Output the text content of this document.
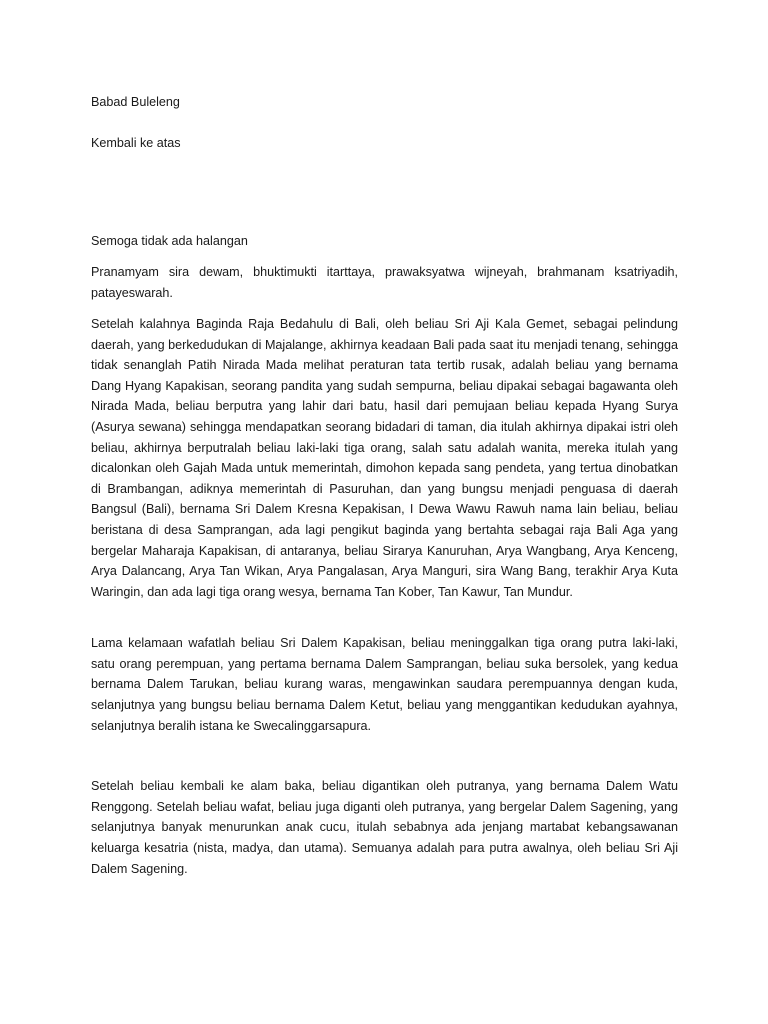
Babad Buleleng

Kembali ke atas

Semoga tidak ada halangan

Pranamyam sira dewam, bhuktimukti itarttaya, prawaksyatwa wijneyah, brahmanam ksatriyadih, patayeswarah.

Setelah kalahnya Baginda Raja Bedahulu di Bali, oleh beliau Sri Aji Kala Gemet, sebagai pelindung daerah, yang berkedudukan di Majalange, akhirnya keadaan Bali pada saat itu menjadi tenang, sehingga tidak senanglah Patih Nirada Mada melihat peraturan tata tertib rusak, adalah beliau yang bernama Dang Hyang Kapakisan, seorang pandita yang sudah sempurna, beliau dipakai sebagai bagawanta oleh Nirada Mada, beliau berputra yang lahir dari batu, hasil dari pemujaan beliau kepada Hyang Surya (Asurya sewana) sehingga mendapatkan seorang bidadari di taman, dia itulah akhirnya dipakai istri oleh beliau, akhirnya berputralah beliau laki-laki tiga orang, salah satu adalah wanita, mereka itulah yang dicalonkan oleh Gajah Mada untuk memerintah, dimohon kepada sang pendeta, yang tertua dinobatkan di Brambangan, adiknya memerintah di Pasuruhan, dan yang bungsu menjadi penguasa di daerah Bangsul (Bali), bernama Sri Dalem Kresna Kepakisan, I Dewa Wawu Rawuh nama lain beliau, beliau beristana di desa Samprangan, ada lagi pengikut baginda yang bertahta sebagai raja Bali Aga yang bergelar Maharaja Kapakisan, di antaranya, beliau Sirarya Kanuruhan, Arya Wangbang, Arya Kenceng, Arya Dalancang, Arya Tan Wikan, Arya Pangalasan, Arya Manguri, sira Wang Bang, terakhir Arya Kuta Waringin, dan ada lagi tiga orang wesya, bernama Tan Kober, Tan Kawur, Tan Mundur.

Lama kelamaan wafatlah beliau Sri Dalem Kapakisan, beliau meninggalkan tiga orang putra laki-laki, satu orang perempuan, yang pertama bernama Dalem Samprangan, beliau suka bersolek, yang kedua bernama Dalem Tarukan, beliau kurang waras, mengawinkan saudara perempuannya dengan kuda, selanjutnya yang bungsu beliau bernama Dalem Ketut, beliau yang menggantikan kedudukan ayahnya, selanjutnya beralih istana ke Swecalinggarsapura.

Setelah beliau kembali ke alam baka, beliau digantikan oleh putranya, yang bernama Dalem Watu Renggong. Setelah beliau wafat, beliau juga diganti oleh putranya, yang bergelar Dalem Sagening, yang selanjutnya banyak menurunkan anak cucu, itulah sebabnya ada jenjang martabat kebangsawanan keluarga kesatria (nista, madya, dan utama). Semuanya adalah para putra awalnya, oleh beliau Sri Aji Dalem Sagening.
